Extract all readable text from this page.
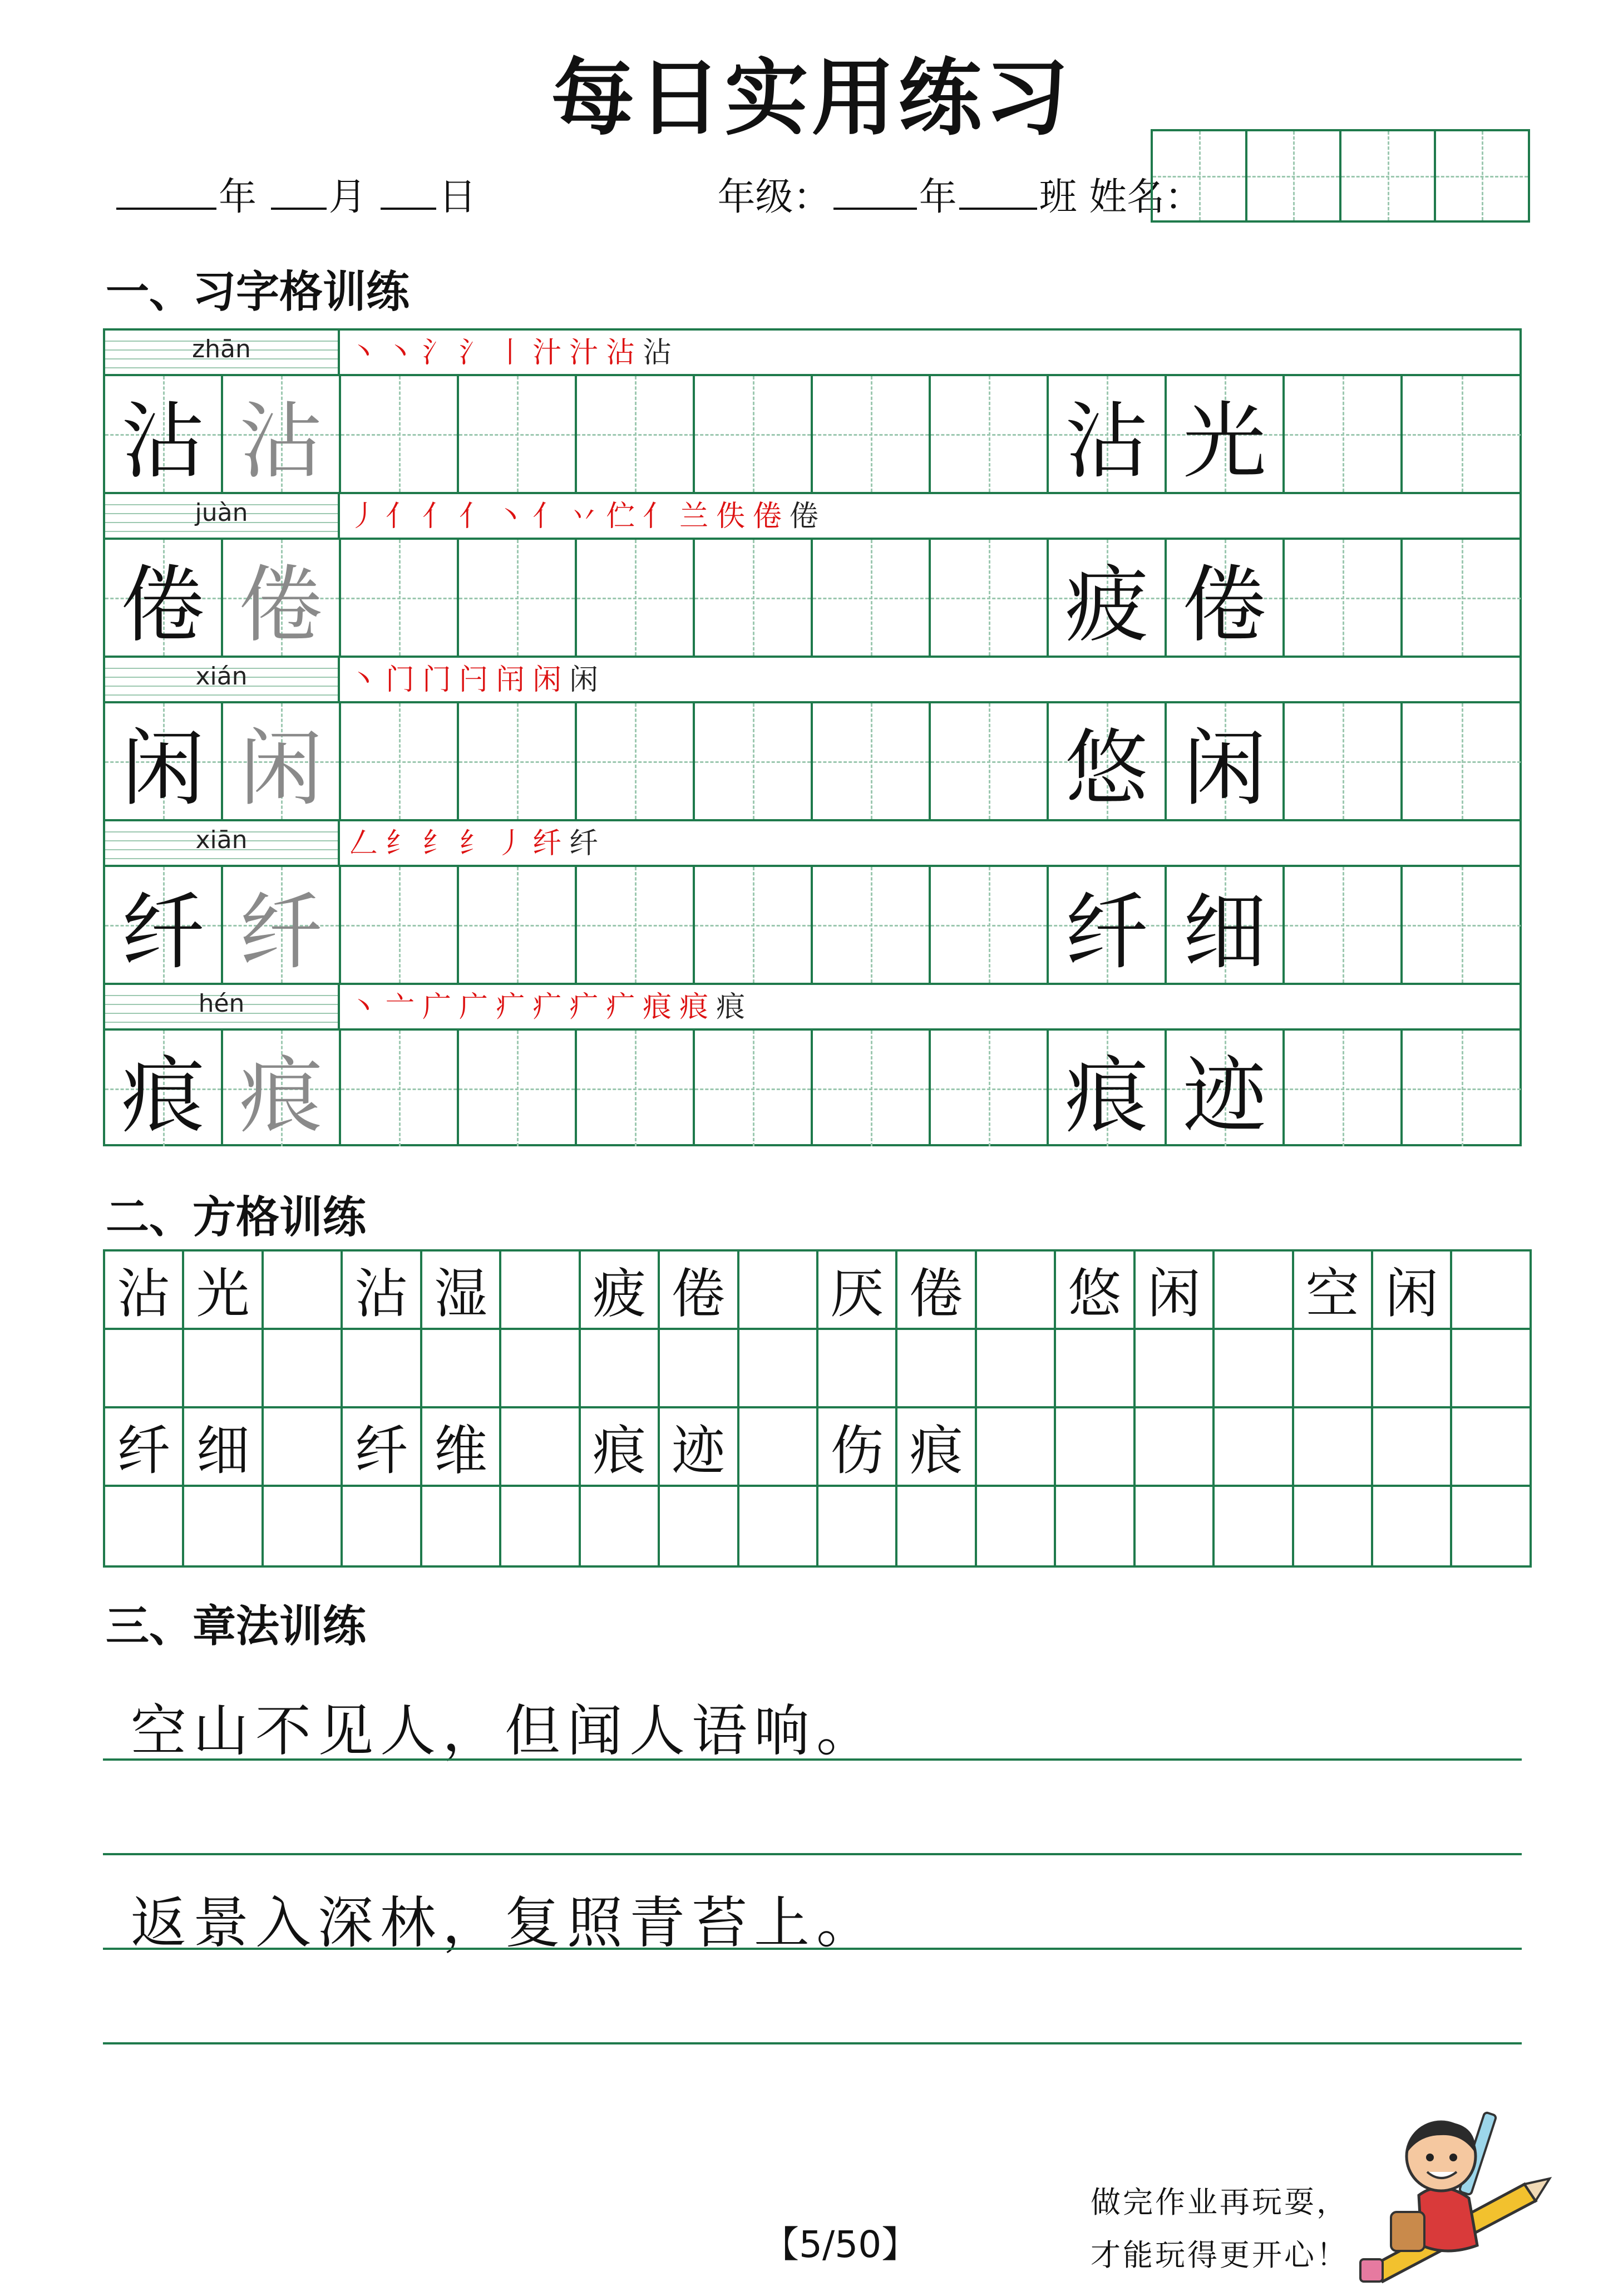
每日实用练习
年 月 日	年级： 年 班 姓名：
一、习字格训练
zhān	丶丶氵氵丨汁汁沾沾
沾 沾	沾 光
juàn	丿亻亻亻丶亻丷伫亻兰佚倦倦
倦 倦	疲 倦
xián	丶门门闩闬闲闲
闲 闲	悠 闲
xiān	𠃋纟纟纟丿纤纤
纤 纤	纤 细
hén	丶亠广广疒疒疒疒痕痕痕
痕 痕	痕 迹
二、方格训练
沾 光 沾 湿 疲 倦 厌 倦 悠 闲 空 闲
纤 细 纤 维 痕 迹 伤 痕
三、章法训练
空山不见人，但闻人语响。
返景入深林，复照青苔上。
【5/50】
做完作业再玩耍，
才能玩得更开心！
